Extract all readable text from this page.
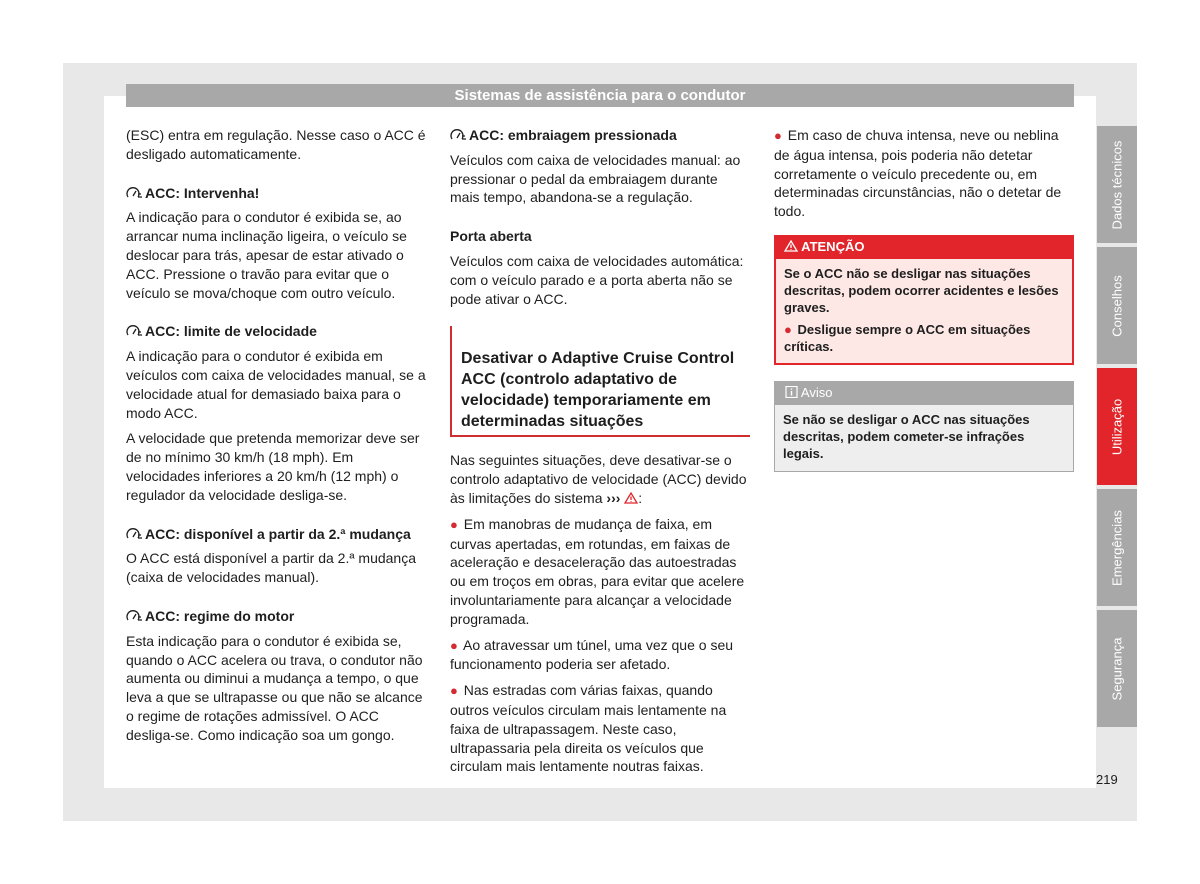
Sistemas de assistência para o condutor

(ESC) entra em regulação. Nesse caso o ACC é desligado automaticamente.

ACC: Intervenha!

A indicação para o condutor é exibida se, ao arrancar numa inclinação ligeira, o veículo se deslocar para trás, apesar de estar ativado o ACC. Pressione o travão para evitar que o veículo se mova/choque com outro veículo.

ACC: limite de velocidade

A indicação para o condutor é exibida em veículos com caixa de velocidades manual, se a velocidade atual for demasiado baixa para o modo ACC.

A velocidade que pretenda memorizar deve ser de no mínimo 30 km/h (18 mph). Em velocidades inferiores a 20 km/h (12 mph) o regulador da velocidade desliga-se.

ACC: disponível a partir da 2.ª mudança

O ACC está disponível a partir da 2.ª mudança (caixa de velocidades manual).

ACC: regime do motor

Esta indicação para o condutor é exibida se, quando o ACC acelera ou trava, o condutor não aumenta ou diminui a mudança a tempo, o que leva a que se ultrapasse ou que não se alcance o regime de rotações admissível. O ACC desliga-se. Como indicação soa um gongo.

ACC: embraiagem pressionada

Veículos com caixa de velocidades manual: ao pressionar o pedal da embraiagem durante mais tempo, abandona-se a regulação.

Porta aberta

Veículos com caixa de velocidades automática: com o veículo parado e a porta aberta não se pode ativar o ACC.

Desativar o Adaptive Cruise Control ACC (controlo adaptativo de velocidade) temporariamente em determinadas situações

Nas seguintes situações, deve desativar-se o controlo adaptativo de velocidade (ACC) devido às limitações do sistema ››› :

● Em manobras de mudança de faixa, em curvas apertadas, em rotundas, em faixas de aceleração e desaceleração das autoestradas ou em troços em obras, para evitar que acelere involuntariamente para alcançar a velocidade programada.

● Ao atravessar um túnel, uma vez que o seu funcionamento poderia ser afetado.

● Nas estradas com várias faixas, quando outros veículos circulam mais lentamente na faixa de ultrapassagem. Neste caso, ultrapassaria pela direita os veículos que circulam mais lentamente noutras faixas.

● Em caso de chuva intensa, neve ou neblina de água intensa, pois poderia não detetar corretamente o veículo precedente ou, em determinadas circunstâncias, não o detetar de todo.

ATENÇÃO

Se o ACC não se desligar nas situações descritas, podem ocorrer acidentes e lesões graves.

● Desligue sempre o ACC em situações críticas.

Aviso

Se não se desligar o ACC nas situações descritas, podem cometer-se infrações legais.

Dados técnicos
Conselhos
Utilização
Emergências
Segurança
219
